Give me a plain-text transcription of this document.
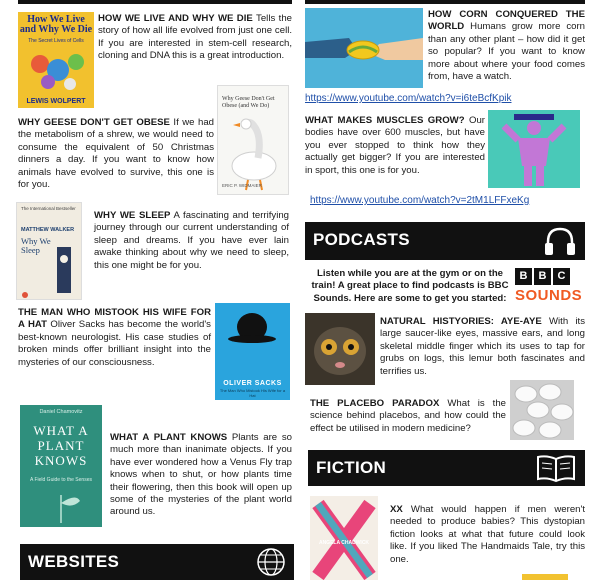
How We Live and Why We Die
The Secret Lives of Cells
LEWIS WOLPERT
HOW WE LIVE AND WHY WE DIE Tells the story of how all life evolved from just one cell. If you are interested in stem-cell research, cloning and DNA this is a great introduction.
WHY GEESE DON'T GET OBESE If we had the metabolism of a shrew, we would need to consume the equivalent of 50 Christmas dinners a day. If you want to know how animals have evolved to survive, this one is for you.
Why Geese Don't Get Obese (and We Do)
ERIC P. WIDMAIER
The International Bestseller
MATTHEW WALKER
Why We Sleep
WHY WE SLEEP A fascinating and terrifying journey through our current understanding of sleep and dreams. If you have ever lain awake thinking about why we need to sleep, this one might be for you.
THE MAN WHO MISTOOK HIS WIFE FOR A HAT Oliver Sacks has become the world's best-known neurologist. His case studies of broken minds offer brilliant insight into the mysteries of our consciousness.
OLIVER SACKS
The Man Who Mistook His Wife for a Hat
Daniel Chamovitz
WHAT A PLANT KNOWS
A Field Guide to the Senses
WHAT A PLANT KNOWS Plants are so much more than inanimate objects. If you have ever wondered how a Venus Fly trap knows when to shut, or how plants time their flowering, then this book will open up some of the mysteries of the plant world around us.
WEBSITES
HOW CORN CONQUERED THE WORLD Humans grow more corn than any other plant – how did it get so popular? If you want to know more about where your food comes from, have a watch.
https://www.youtube.com/watch?v=i6teBcfKpik
WHAT MAKES MUSCLES GROW? Our bodies have over 600 muscles, but have you ever stopped to think how they actually get bigger? If you are interested in sport, this one is for you.
https://www.youtube.com/watch?v=2tM1LFFxeKg
PODCASTS
Listen while you are at the gym or on the train! A great place to find podcasts is BBC Sounds. Here are some to get you started:
B	B	C
SOUNDS
NATURAL HISTYORIES: AYE-AYE With its large saucer-like eyes, massive ears, and long skeletal middle finger which its uses to tap for grubs on logs, this lemur both fascinates and terrifies us.
THE PLACEBO PARADOX What is the science behind placebos, and how could the effect be utilised in modern medicine?
FICTION
ANGELA CHADWICK
XX What would happen if men weren't needed to produce babies? This dystopian fiction looks at what that future could look like. If you liked The Handmaids Tale, try this one.
